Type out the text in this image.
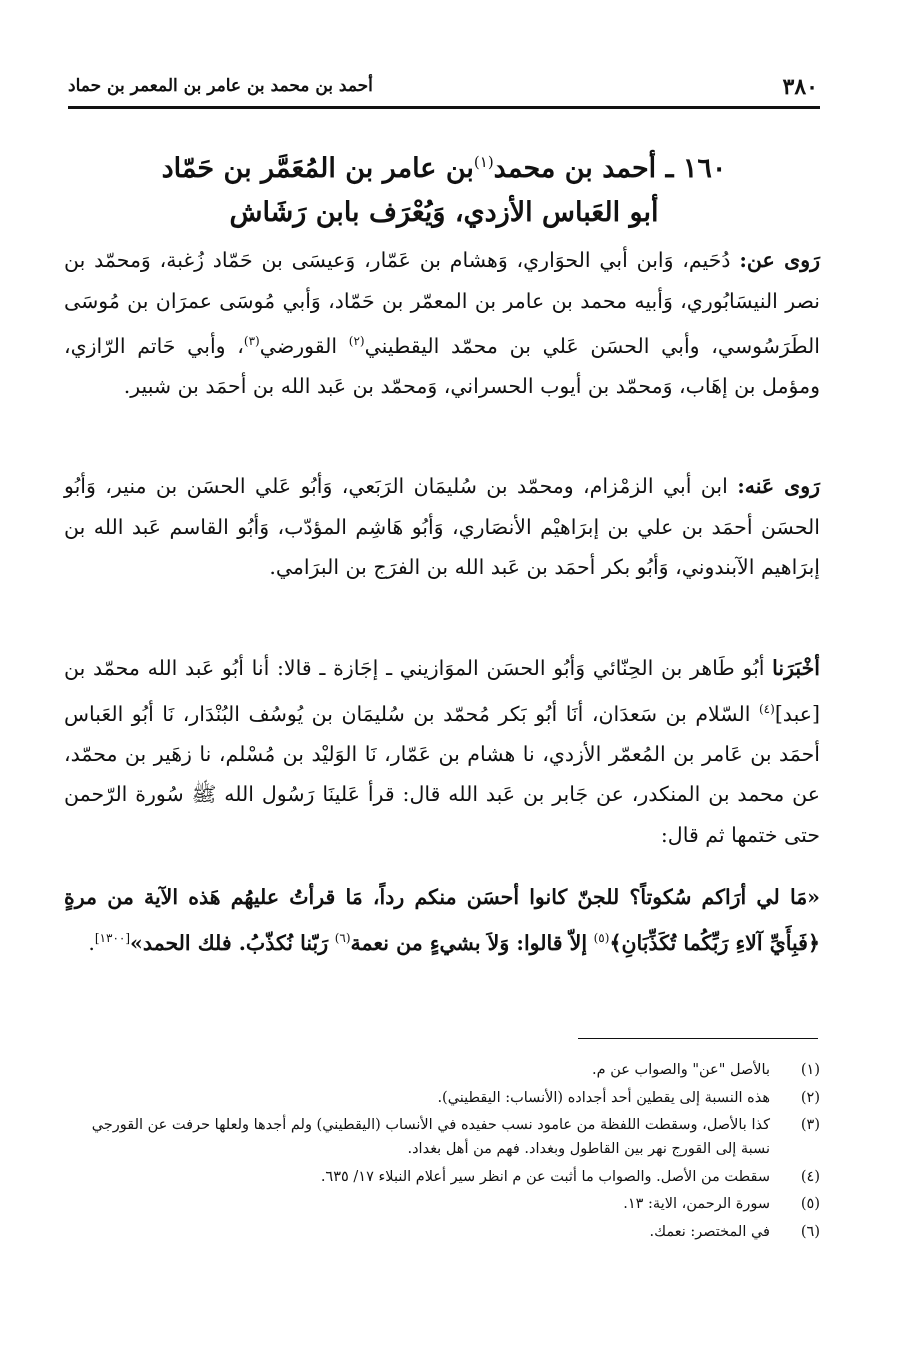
٣٨٠
أحمد بن محمد بن عامر بن المعمر بن حماد
١٦٠ ـ أحمد بن محمد$^{(١)}$بن عامر بن المُعَمَّر بن حَمّاد
أبو العَباس الأزدي، وَيُعْرَف بابن رَشَاش
رَوى عن: دُحَيم، وَابن أبي الحوَاري، وَهشام بن عَمّار، وَعيسَى بن حَمّاد زُغبة، وَمحمّد بن نصر النيسَابُوري، وَأبيه محمد بن عامر بن المعمّر بن حَمّاد، وَأبي مُوسَى عمرَان بن مُوسَى الطَرَسُوسي، وأبي الحسَن عَلي بن محمّد اليقطيني$^{(٢)}$ القورضي$^{(٣)}$، وأبي حَاتم الرّازي، ومؤمل بن إهَاب، وَمحمّد بن أيوب الحسراني، وَمحمّد بن عَبد الله بن أحمَد بن شبير.
رَوى عَنه: ابن أبي الزمْزام، ومحمّد بن سُليمَان الرَبَعي، وَأبُو عَلي الحسَن بن منير، وَأبُو الحسَن أحمَد بن علي بن إبرَاهيْم الأنصَاري، وَأبُو هَاشِم المؤدّب، وَأبُو القاسم عَبد الله بن إبرَاهيم الآبندوني، وَأبُو بكر أحمَد بن عَبد الله بن الفرَج بن البرَامي.
أخْبَرَنا أبُو طَاهر بن الحِنّائي وَأبُو الحسَن الموَازيني ـ إجَازة ـ قالا: أنا أبُو عَبد الله محمّد بن [عبد]$^{(٤)}$ السّلام بن سَعدَان، أنَا أبُو بَكر مُحمّد بن سُليمَان بن يُوسُف البُنْدَار، نَا أبُو العَباس أحمَد بن عَامر بن المُعمّر الأزدي، نا هشام بن عَمّار، نَا الوَليْد بن مُسْلم، نا زهَير بن محمّد، عن محمد بن المنكدر، عن جَابر بن عَبد الله قال: قرأ عَلينَا رَسُول الله ﷺ سُورة الرّحمن حتى ختمها ثم قال:
«مَا لي أرَاكم سُكوتاً؟ للجنّ كانوا أحسَن منكم رداً، مَا قرأتُ عليهُم هَذه الآية من مرةٍ ﴿فَبِأَيِّ آلاءِ رَبِّكُما تُكَذِّبَانِ﴾$^{(٥)}$ إلاّ قالوا: وَلاَ بشيءٍ من نعمة$^{(٦)}$ رَبّنا نُكذّبُ. فلك الحمد»[١٣٠٠].
(١)
بالأصل "عن" والصواب عن م.
(٢)
هذه النسبة إلى يقطين أحد أجداده (الأنساب: اليقطيني).
(٣)
كذا بالأصل، وسقطت اللفظة من عامود نسب حفيده في الأنساب (اليقطيني) ولم أجدها ولعلها حرفت عن القورجي نسبة إلى القورج نهر بين القاطول وبغداد. فهم من أهل بغداد.
(٤)
سقطت من الأصل. والصواب ما أثبت عن م انظر سير أعلام النبلاء ١٧/ ٦٣٥.
(٥)
سورة الرحمن، الاية: ١٣.
(٦)
في المختصر: نعمك.
